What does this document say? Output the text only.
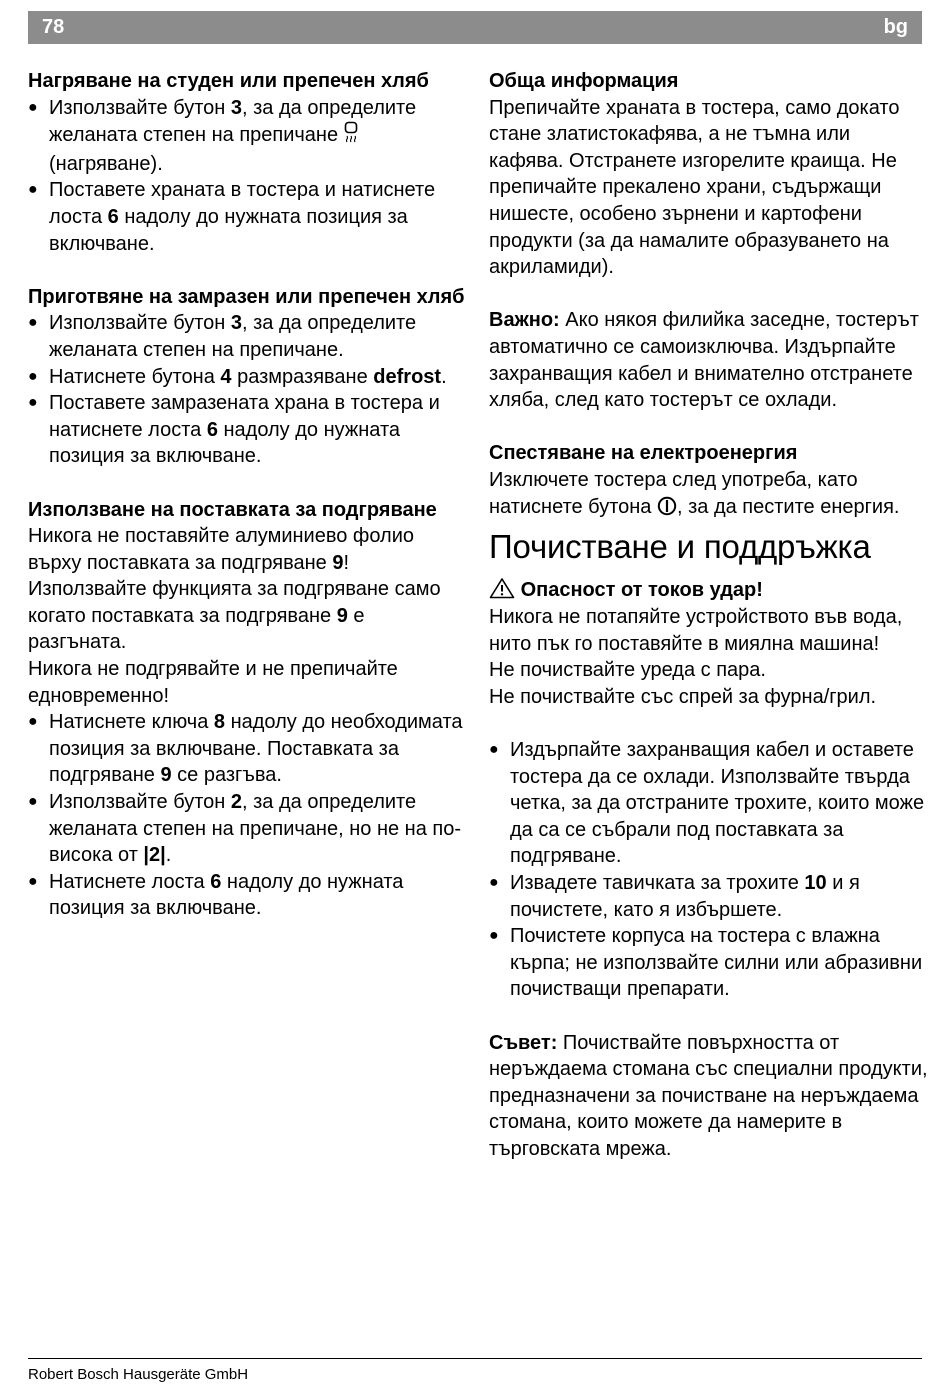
78	bg

Нагряване на студен или препечен хляб

● Използвайте бутон 3, за да определите желаната степен на препичане  (нагряване).
● Поставете храната в тостера и натиснете лоста 6 надолу до нужната позиция за включване.

Приготвяне на замразен или препечен хляб

● Използвайте бутон 3, за да определите желаната степен на препичане.
● Натиснете бутона 4 размразяване defrost.
● Поставете замразената храна в тостера и натиснете лоста 6 надолу до нужната позиция за включване.

Използване на поставката за подгряване

Никога не поставяйте алуминиево фолио върху поставката за подгряване 9!

Използвайте функцията за подгряване само когато поставката за подгряване 9 е разгъната.

Никога не подгрявайте и не препичайте едновременно!

● Натиснете ключа 8 надолу до необходимата позиция за включване. Поставката за подгряване 9 се разгъва.
● Използвайте бутон 2, за да определите желаната степен на препичане, но не на по-висока от |2|.
● Натиснете лоста 6 надолу до нужната позиция за включване.

Обща информация

Препичайте храната в тостера, само докато стане златистокафява, а не тъмна или кафява. Отстранете изгорелите краища. Не препичайте прекалено храни, съдържащи нишесте, особено зърнени и картофени продукти (за да намалите образуването на акриламиди).

Важно: Ако някоя филийка заседне, тостерът автоматично се самоизключва. Издърпайте захранващия кабел и внимателно отстранете хляба, след като тостерът се охлади.

Спестяване на електроенергия

Изключете тостера след употреба, като натиснете бутона , за да пестите енергия.

Почистване и поддръжка

Опасност от токов удар!

Никога не потапяйте устройството във вода, нито пък го поставяйте в миялна машина!

Не почиствайте уреда с пара.

Не почиствайте със спрей за фурна/грил.

● Издърпайте захранващия кабел и оставете тостера да се охлади. Използвайте твърда четка, за да отстраните трохите, които може да са се събрали под поставката за подгряване.
● Извадете тавичката за трохите 10 и я почистете, като я избършете.
● Почистете корпуса на тостера с влажна кърпа; не използвайте силни или абразивни почистващи препарати.

Съвет: Почиствайте повърхността от неръждаема стомана със специални продукти, предназначени за почистване на неръждаема стомана, които можете да намерите в търговската мрежа.

Robert Bosch Hausgeräte GmbH
